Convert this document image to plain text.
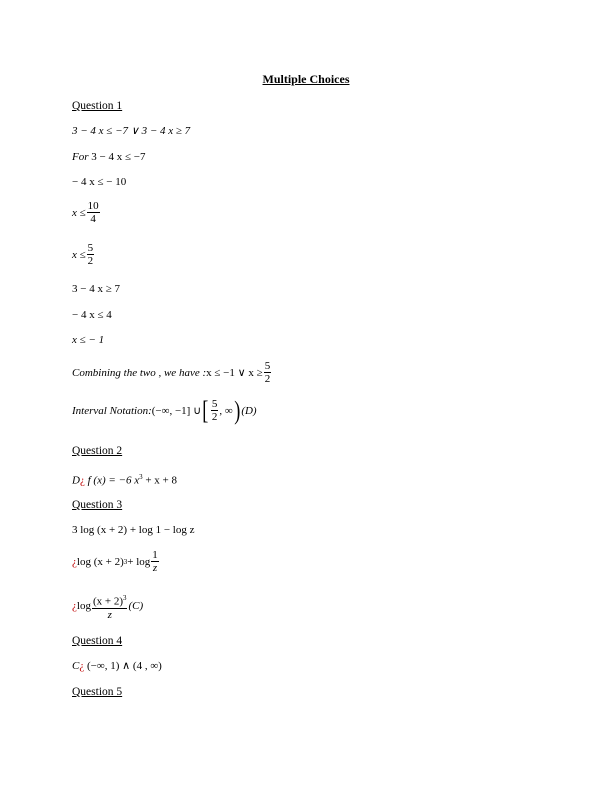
Multiple Choices
Question 1
3 − 4 x ≤ −7 ∨ 3 − 4 x ≥ 7
For 3 − 4 x ≤ −7
− 4 x ≤ − 10
$x \le \frac{10}{4}$
$x \le \frac{5}{2}$
3 − 4 x ≥ 7
− 4 x ≤ 4
x ≤ − 1
Combining the two , we have : x ≤ −1 ∨ $x \ge \frac{5}{2}$
Interval Notation: (−∞, −1] ∪ [ $\frac{5}{2}$ , ∞ ) (D)
Question 2
D¿ f (x) = −6 $x^3 + x + 8$
Question 3
3 log (x + 2) + log 1 − log z
¿ log (x + 2) $3 + \log \frac{1}{z}$
¿ $\log \frac{(x + 2)^3}{z} (C)$
Question 4
C¿ (−∞, 1) ∧ (4 , ∞)
Question 5
